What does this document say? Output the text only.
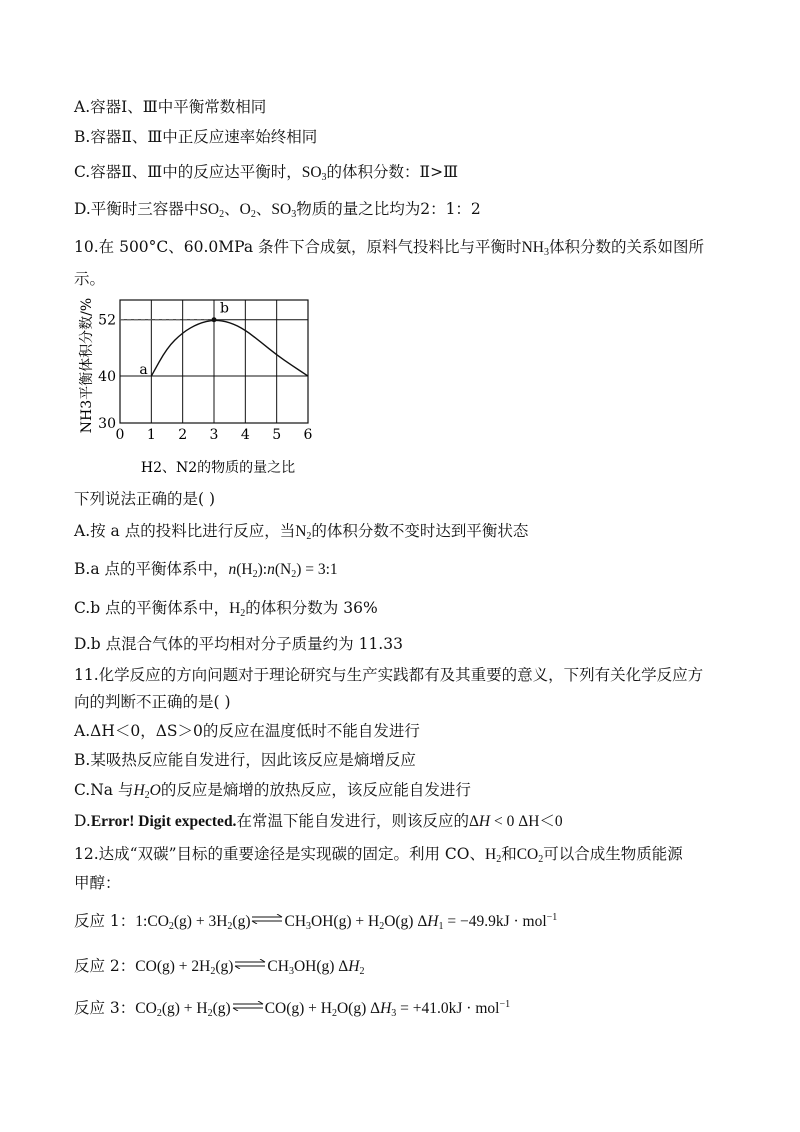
A.容器Ⅰ、Ⅲ中平衡常数相同
B.容器Ⅱ、Ⅲ中正反应速率始终相同
C.容器Ⅱ、Ⅲ中的反应达平衡时，$SO_3$的体积分数：Ⅱ>Ⅲ
D.平衡时三容器中$SO_2$、$O_2$、$SO_3$物质的量之比均为2：1：2
10.在 500°C、60.0MPa 条件下合成氨，原料气投料比与平衡时$NH_3$体积分数的关系如图所
示。
a
b
0 1 2 3 4 5 6
30
40
52
NH3平衡体积分数/%
H2、N2的物质的量之比
下列说法正确的是( )
A.按 a 点的投料比进行反应，当$N_2$的体积分数不变时达到平衡状态
B.a 点的平衡体系中，$n(H_2):n(N_2)$ = 3:1
C.b 点的平衡体系中，$H_2$的体积分数为 36%
D.b 点混合气体的平均相对分子质量约为 11.33
11.化学反应的方向问题对于理论研究与生产实践都有及其重要的意义，下列有关化学反应方
向的判断不正确的是( )
A.ΔH＜0，ΔS＞0的反应在温度低时不能自发进行
B.某吸热反应能自发进行，因此该反应是熵增反应
C.Na 与$H_2O$的反应是熵增的放热反应，该反应能自发进行
D.Error! Digit expected.在常温下能自发进行，则该反应的ΔH < 0 ΔH＜0
12.达成“双碳”目标的重要途径是实现碳的固定。利用 CO、$H_2$和$CO_2$可以合成生物质能源
甲醇：
反应 1：$1:CO_2(g)$ + $3H_2(g)\rightleftharpoons CH_3OH(g) + H_2O(g) \Delta H_1 = -49.9kJ \cdot mol^{-1}$
反应 2：$CO(g) + 2H_2(g)\rightleftharpoons CH_3OH(g)$ $\Delta H_2$
反应 3：$CO_2(g)$ + $H_2(g)\rightleftharpoons CO(g) + H_2O(g) \Delta H_3 = +41.0kJ \cdot mol^{-1}$
